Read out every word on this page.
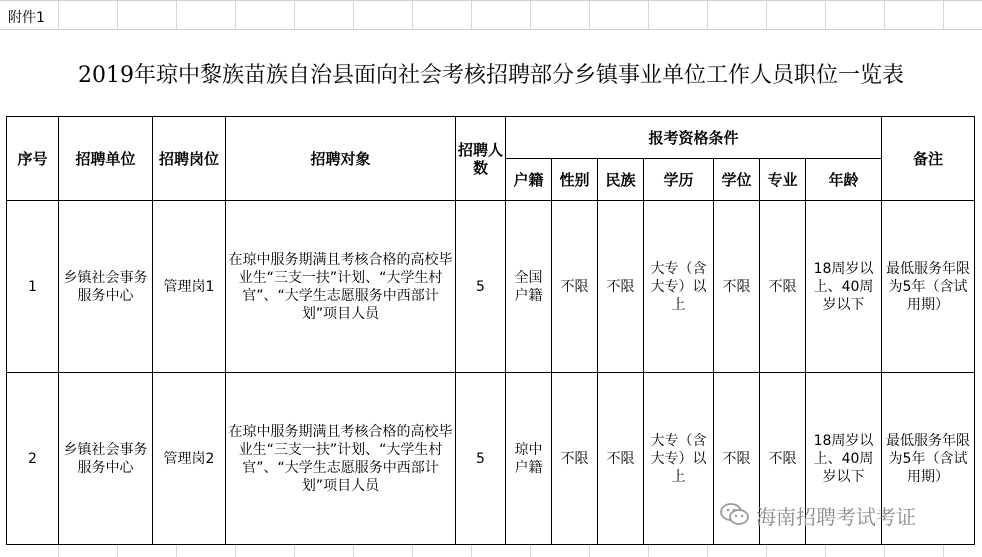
附件1
2019年琼中黎族苗族自治县面向社会考核招聘部分乡镇事业单位工作人员职位一览表
序号	招聘单位	招聘岗位	招聘对象	招聘人数	报考资格条件							备注
					户籍	性别	民族	学历	学位	专业	年龄	
1	乡镇社会事务服务中心	管理岗1	在琼中服务期满且考核合格的高校毕业生“三支一扶”计划、“大学生村官”、“大学生志愿服务中西部计划”项目人员	5	全国户籍	不限	不限	大专（含大专）以上	不限	不限	18周岁以上、40周岁以下	最低服务年限为5年（含试用期）
2	乡镇社会事务服务中心	管理岗2	在琼中服务期满且考核合格的高校毕业生“三支一扶”计划、“大学生村官”、“大学生志愿服务中西部计划”项目人员	5	琼中户籍	不限	不限	大专（含大专）以上	不限	不限	18周岁以上、40周岁以下	最低服务年限为5年（含试用期）
海南招聘考试考证
